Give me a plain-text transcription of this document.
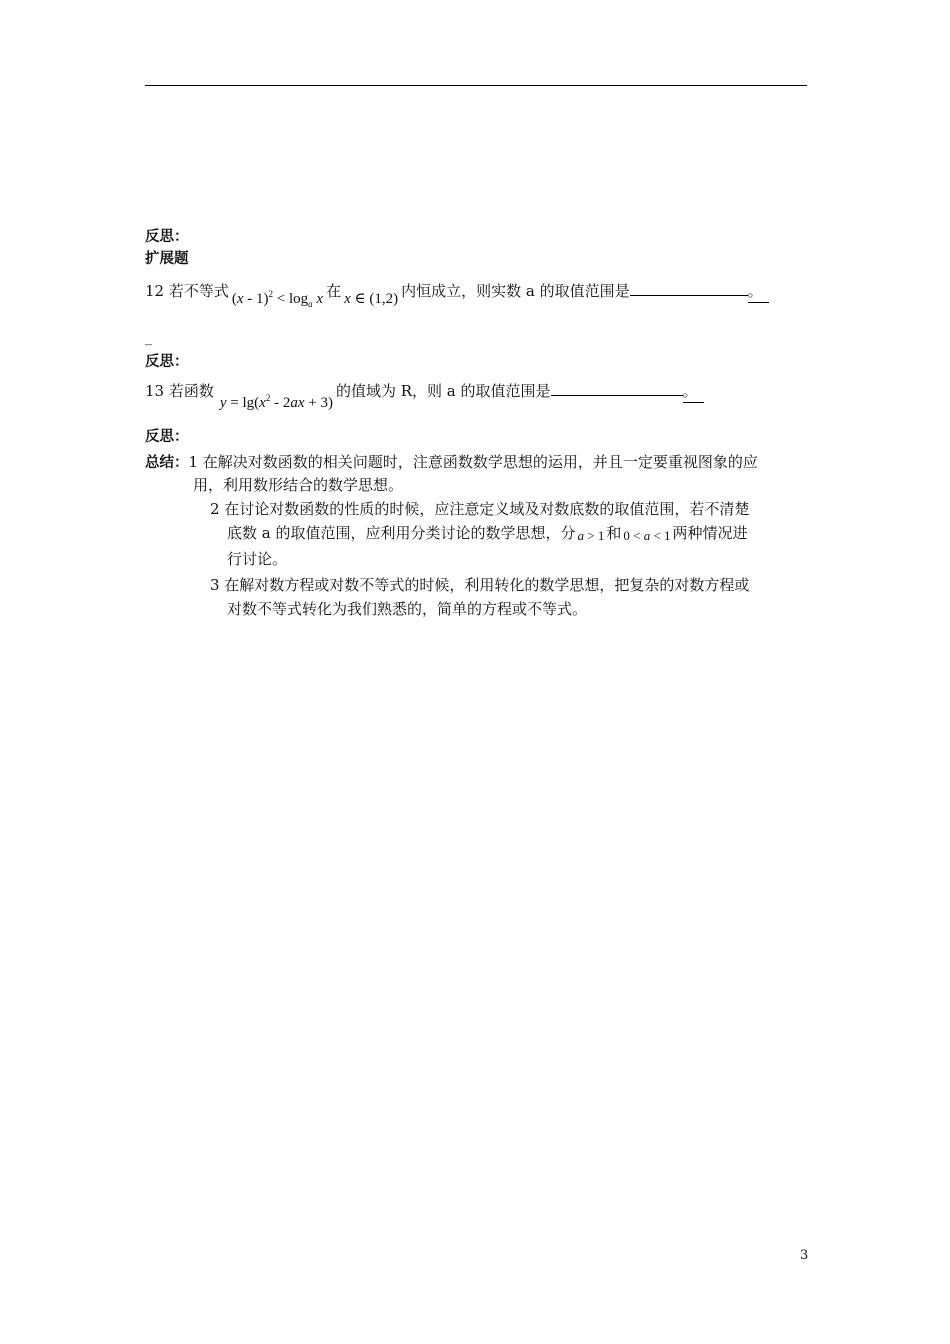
反思：
扩展题
12 若不等式 $(x - 1)^2 < \log_a x$ 在 x ∈ (1,2) 内恒成立，则实数 a 的取值范围是	。
_
反思：
13 若函数$y = \lg(x^2 - 2ax + 3)$的值域为 R，则 a 的取值范围是	。
反思：
总结：1 在解决对数函数的相关问题时，注意函数数学思想的运用，并且一定要重视图象的应
用，利用数形结合的数学思想。
2 在讨论对数函数的性质的时候，应注意定义域及对数底数的取值范围，若不清楚
底数 a 的取值范围，应利用分类讨论的数学思想，分 a > 1 和 0 < a < 1 两种情况进
行讨论。
3 在解对数方程或对数不等式的时候，利用转化的数学思想，把复杂的对数方程或
对数不等式转化为我们熟悉的，简单的方程或不等式。
3
